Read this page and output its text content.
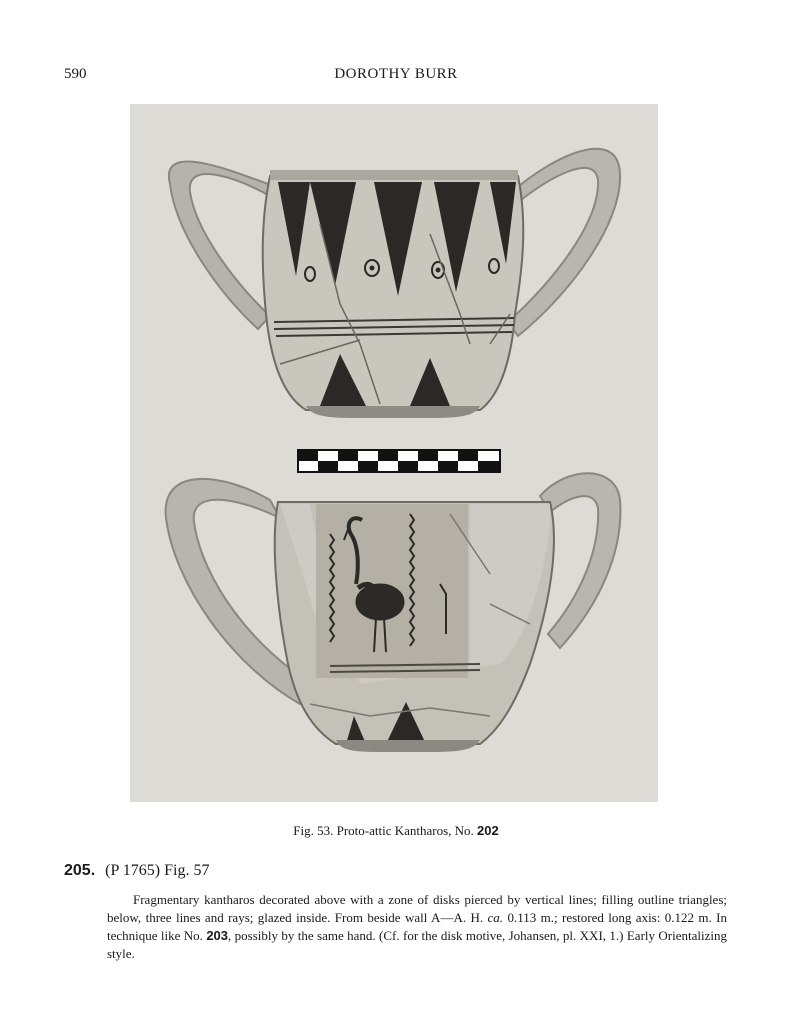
590	DOROTHY BURR
Fig. 53. Proto-attic Kantharos, No. 202
205. (P 1765) Fig. 57
Fragmentary kantharos decorated above with a zone of disks pierced by vertical lines; filling outline triangles; below, three lines and rays; glazed inside. From beside wall A—A. H. ca. 0.113 m.; restored long axis: 0.122 m. In technique like No. 203, possibly by the same hand. (Cf. for the disk motive, Johansen, pl. XXI, 1.) Early Orientalizing style.
